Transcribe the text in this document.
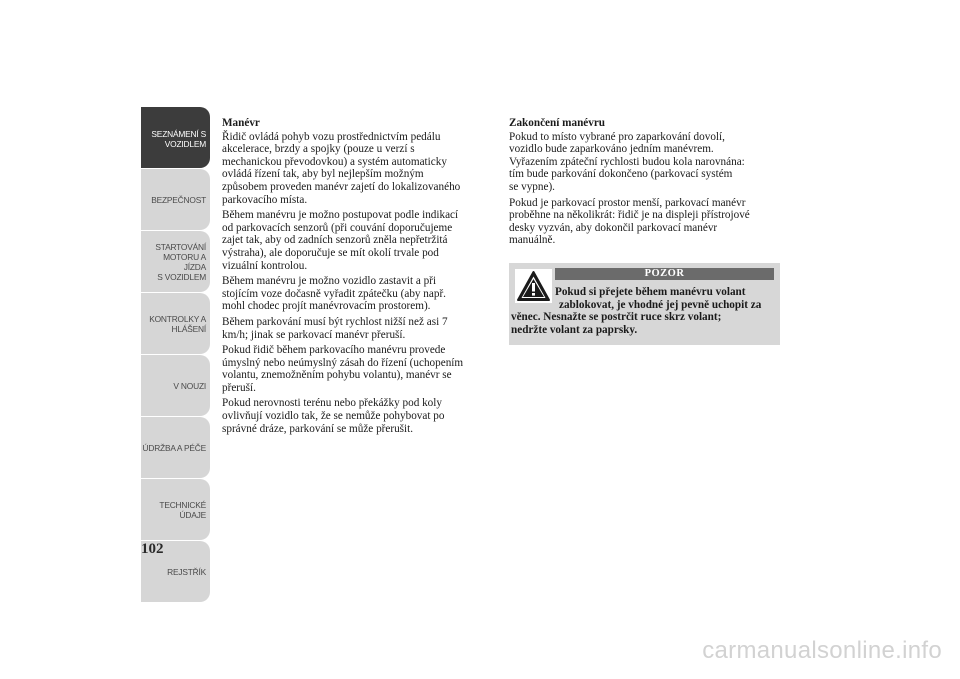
SEZNÁMENÍ S
VOZIDLEM
BEZPEČNOST
STARTOVÁNÍ
MOTORU A JÍZDA
S VOZIDLEM
KONTROLKY A
HLÁŠENÍ
V NOUZI
ÚDRŽBA A PÉČE
TECHNICKÉ
ÚDAJE
REJSTŘÍK
102
Manévr
Řidič ovládá pohyb vozu prostřednictvím pedálu
akcelerace, brzdy a spojky (pouze u verzí s
mechanickou převodovkou) a systém automaticky
ovládá řízení tak, aby byl nejlepším možným
způsobem proveden manévr zajetí do lokalizovaného
parkovacího místa.
Během manévru je možno postupovat podle indikací
od parkovacích senzorů (při couvání doporučujeme
zajet tak, aby od zadních senzorů zněla nepřetržitá
výstraha), ale doporučuje se mít okolí trvale pod
vizuální kontrolou.
Během manévru je možno vozidlo zastavit a při
stojícím voze dočasně vyřadit zpátečku (aby např.
mohl chodec projít manévrovacím prostorem).
Během parkování musí být rychlost nižší než asi 7
km/h; jinak se parkovací manévr přeruší.
Pokud řidič během parkovacího manévru provede
úmyslný nebo neúmyslný zásah do řízení (uchopením
volantu, znemožněním pohybu volantu), manévr se
přeruší.
Pokud nerovnosti terénu nebo překážky pod koly
ovlivňují vozidlo tak, že se nemůže pohybovat po
správné dráze, parkování se může přerušit.
Zakončení manévru
Pokud to místo vybrané pro zaparkování dovolí,
vozidlo bude zaparkováno jedním manévrem.
Vyřazením zpáteční rychlosti budou kola narovnána:
tím bude parkování dokončeno (parkovací systém
se vypne).
Pokud je parkovací prostor menší, parkovací manévr
proběhne na několikrát: řidič je na displeji přístrojové
desky vyzván, aby dokončil parkovací manévr
manuálně.
POZOR
Pokud si přejete během manévru volant
zablokovat, je vhodné jej pevně uchopit za
věnec. Nesnažte se postrčit ruce skrz volant;
nedržte volant za paprsky.
carmanualsonline.info
